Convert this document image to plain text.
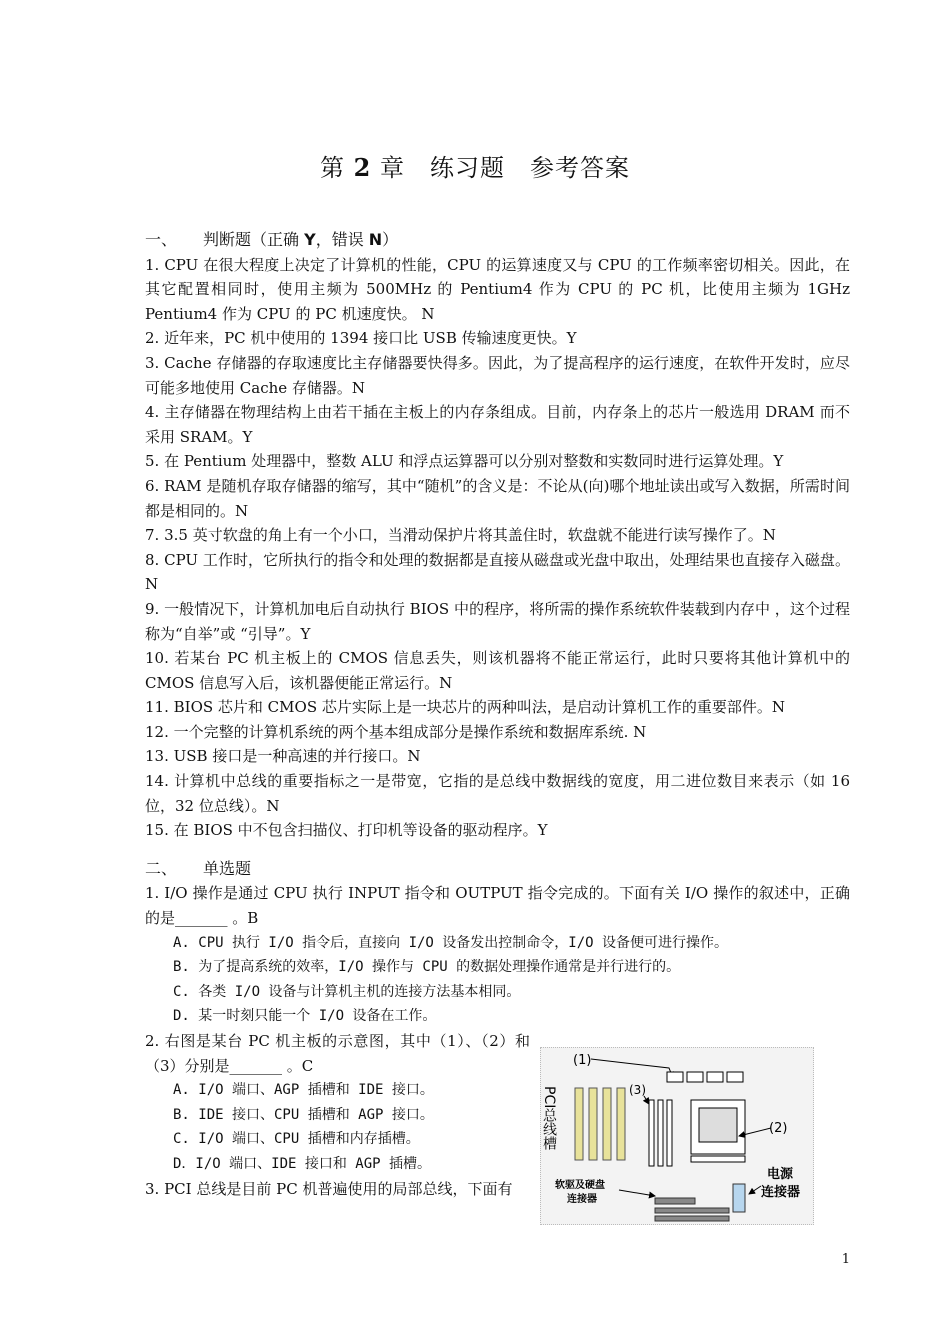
第 2 章　练习题　参考答案
一、 判断题（正确 Y，错误 N）
1. CPU 在很大程度上决定了计算机的性能，CPU 的运算速度又与 CPU 的工作频率密切相关。因此，在其它配置相同时，使用主频为 500MHz 的 Pentium4 作为 CPU 的 PC 机，比使用主频为 1GHz Pentium4 作为 CPU 的 PC 机速度快。 N
2. 近年来，PC 机中使用的 1394 接口比 USB 传输速度更快。Y
3. Cache 存储器的存取速度比主存储器要快得多。因此，为了提高程序的运行速度，在软件开发时，应尽可能多地使用 Cache 存储器。N
4. 主存储器在物理结构上由若干插在主板上的内存条组成。目前，内存条上的芯片一般选用 DRAM 而不采用 SRAM。Y
5. 在 Pentium 处理器中，整数 ALU 和浮点运算器可以分别对整数和实数同时进行运算处理。Y
6. RAM 是随机存取存储器的缩写，其中“随机”的含义是：不论从(向)哪个地址读出或写入数据，所需时间都是相同的。N
7. 3.5 英寸软盘的角上有一个小口，当滑动保护片将其盖住时，软盘就不能进行读写操作了。N
8. CPU 工作时，它所执行的指令和处理的数据都是直接从磁盘或光盘中取出，处理结果也直接存入磁盘。N
9. 一般情况下，计算机加电后自动执行 BIOS 中的程序，将所需的操作系统软件装载到内存中 ，这个过程称为“自举”或 “引导”。Y
10. 若某台 PC 机主板上的 CMOS 信息丢失，则该机器将不能正常运行，此时只要将其他计算机中的 CMOS 信息写入后，该机器便能正常运行。N
11. BIOS 芯片和 CMOS 芯片实际上是一块芯片的两种叫法，是启动计算机工作的重要部件。N
12. 一个完整的计算机系统的两个基本组成部分是操作系统和数据库系统. N
13. USB 接口是一种高速的并行接口。N
14. 计算机中总线的重要指标之一是带宽，它指的是总线中数据线的宽度，用二进位数目来表示（如 16 位，32 位总线）。N
15. 在 BIOS 中不包含扫描仪、打印机等设备的驱动程序。Y
二、 单选题
1. I/O 操作是通过 CPU 执行 INPUT 指令和 OUTPUT 指令完成的。下面有关 I/O 操作的叙述中，正确的是_______ 。B
A. CPU 执行 I/O 指令后，直接向 I/O 设备发出控制命令，I/O 设备便可进行操作。
B. 为了提高系统的效率，I/O 操作与 CPU 的数据处理操作通常是并行进行的。
C. 各类 I/O 设备与计算机主机的连接方法基本相同。
D. 某一时刻只能一个 I/O 设备在工作。
2. 右图是某台 PC 机主板的示意图，其中（1）、（2）和（3）分别是_______ 。C
A. I/O 端口、AGP 插槽和 IDE 接口。
B. IDE 接口、CPU 插槽和 AGP 接口。
C. I/O 端口、CPU 插槽和内存插槽。
D．I/O 端口、IDE 接口和 AGP 插槽。
3. PCI 总线是目前 PC 机普遍使用的局部总线，下面有
(1)
PCI总线槽	(3)
(2)
软驱及硬盘
连接器
电源
连接器
1
